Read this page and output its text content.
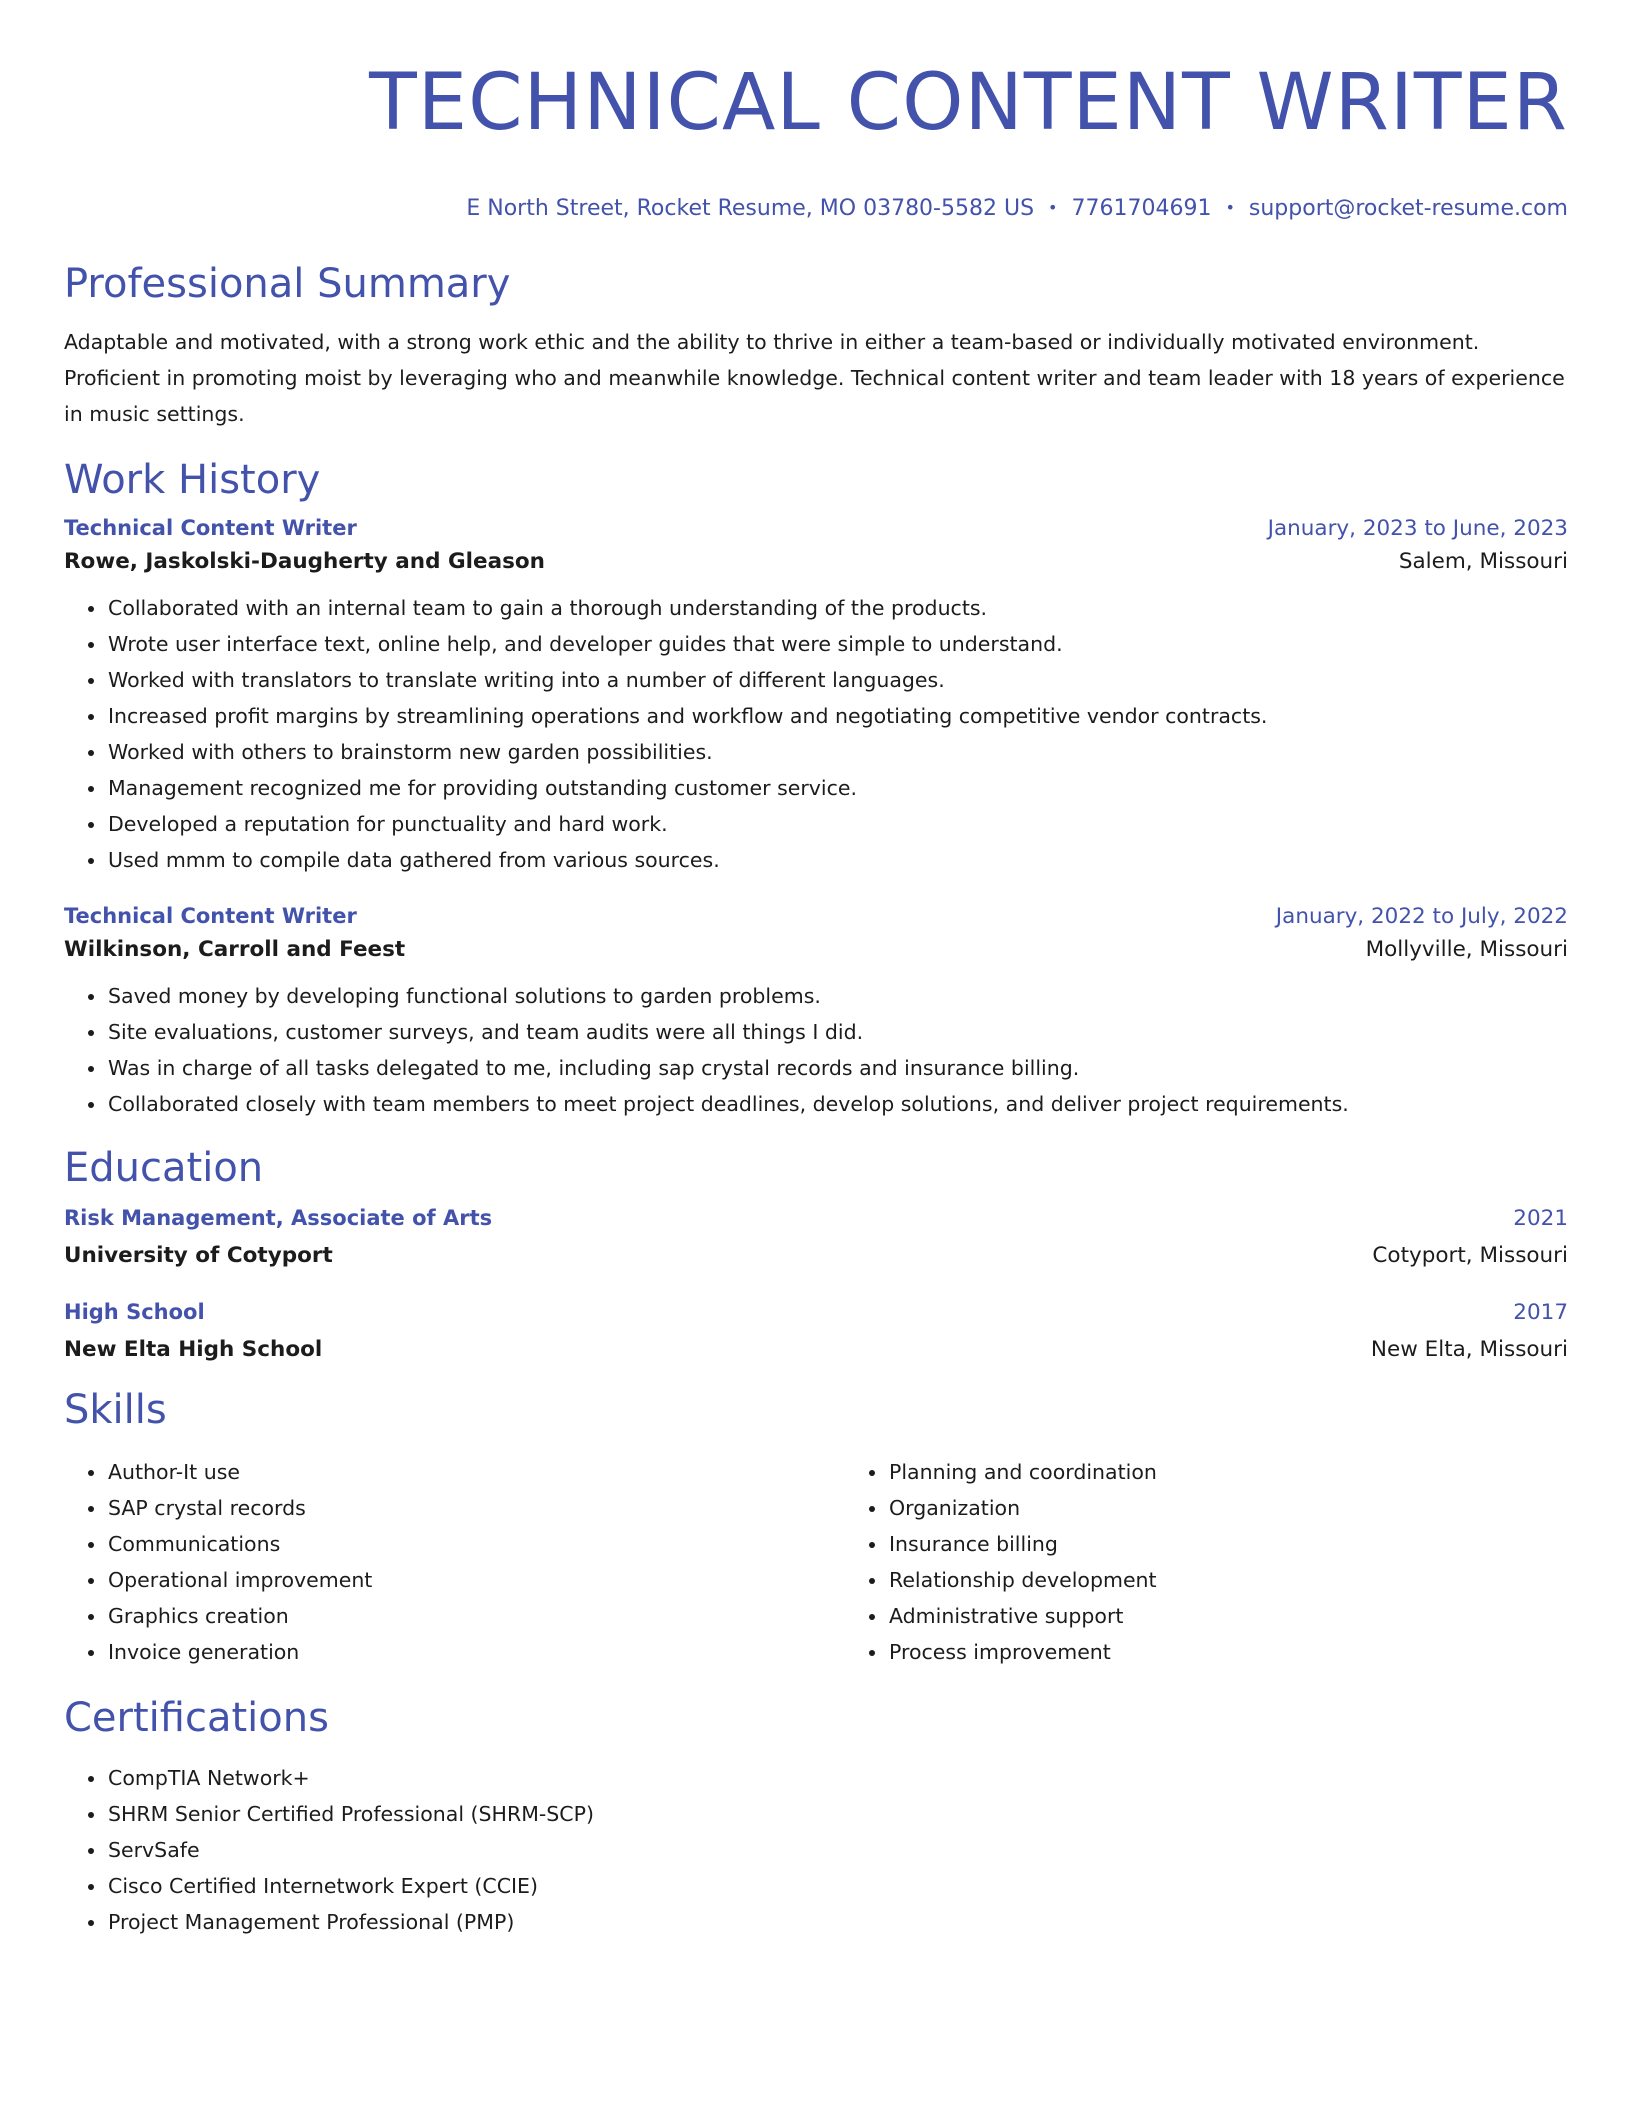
TECHNICAL CONTENT WRITER
E North Street, Rocket Resume, MO 03780-5582 US • 7761704691 • support@rocket-resume.com
Professional Summary
Adaptable and motivated, with a strong work ethic and the ability to thrive in either a team-based or individually motivated environment. Proficient in promoting moist by leveraging who and meanwhile knowledge. Technical content writer and team leader with 18 years of experience in music settings.
Work History
Technical Content Writer	January, 2023 to June, 2023
Rowe, Jaskolski-Daugherty and Gleason	Salem, Missouri
• Collaborated with an internal team to gain a thorough understanding of the products.
• Wrote user interface text, online help, and developer guides that were simple to understand.
• Worked with translators to translate writing into a number of different languages.
• Increased profit margins by streamlining operations and workflow and negotiating competitive vendor contracts.
• Worked with others to brainstorm new garden possibilities.
• Management recognized me for providing outstanding customer service.
• Developed a reputation for punctuality and hard work.
• Used mmm to compile data gathered from various sources.
Technical Content Writer	January, 2022 to July, 2022
Wilkinson, Carroll and Feest	Mollyville, Missouri
• Saved money by developing functional solutions to garden problems.
• Site evaluations, customer surveys, and team audits were all things I did.
• Was in charge of all tasks delegated to me, including sap crystal records and insurance billing.
• Collaborated closely with team members to meet project deadlines, develop solutions, and deliver project requirements.
Education
Risk Management, Associate of Arts	2021
University of Cotyport	Cotyport, Missouri
High School	2017
New Elta High School	New Elta, Missouri
Skills
• Author-It use
• SAP crystal records
• Communications
• Operational improvement
• Graphics creation
• Invoice generation
• Planning and coordination
• Organization
• Insurance billing
• Relationship development
• Administrative support
• Process improvement
Certifications
• CompTIA Network+
• SHRM Senior Certified Professional (SHRM-SCP)
• ServSafe
• Cisco Certified Internetwork Expert (CCIE)
• Project Management Professional (PMP)
